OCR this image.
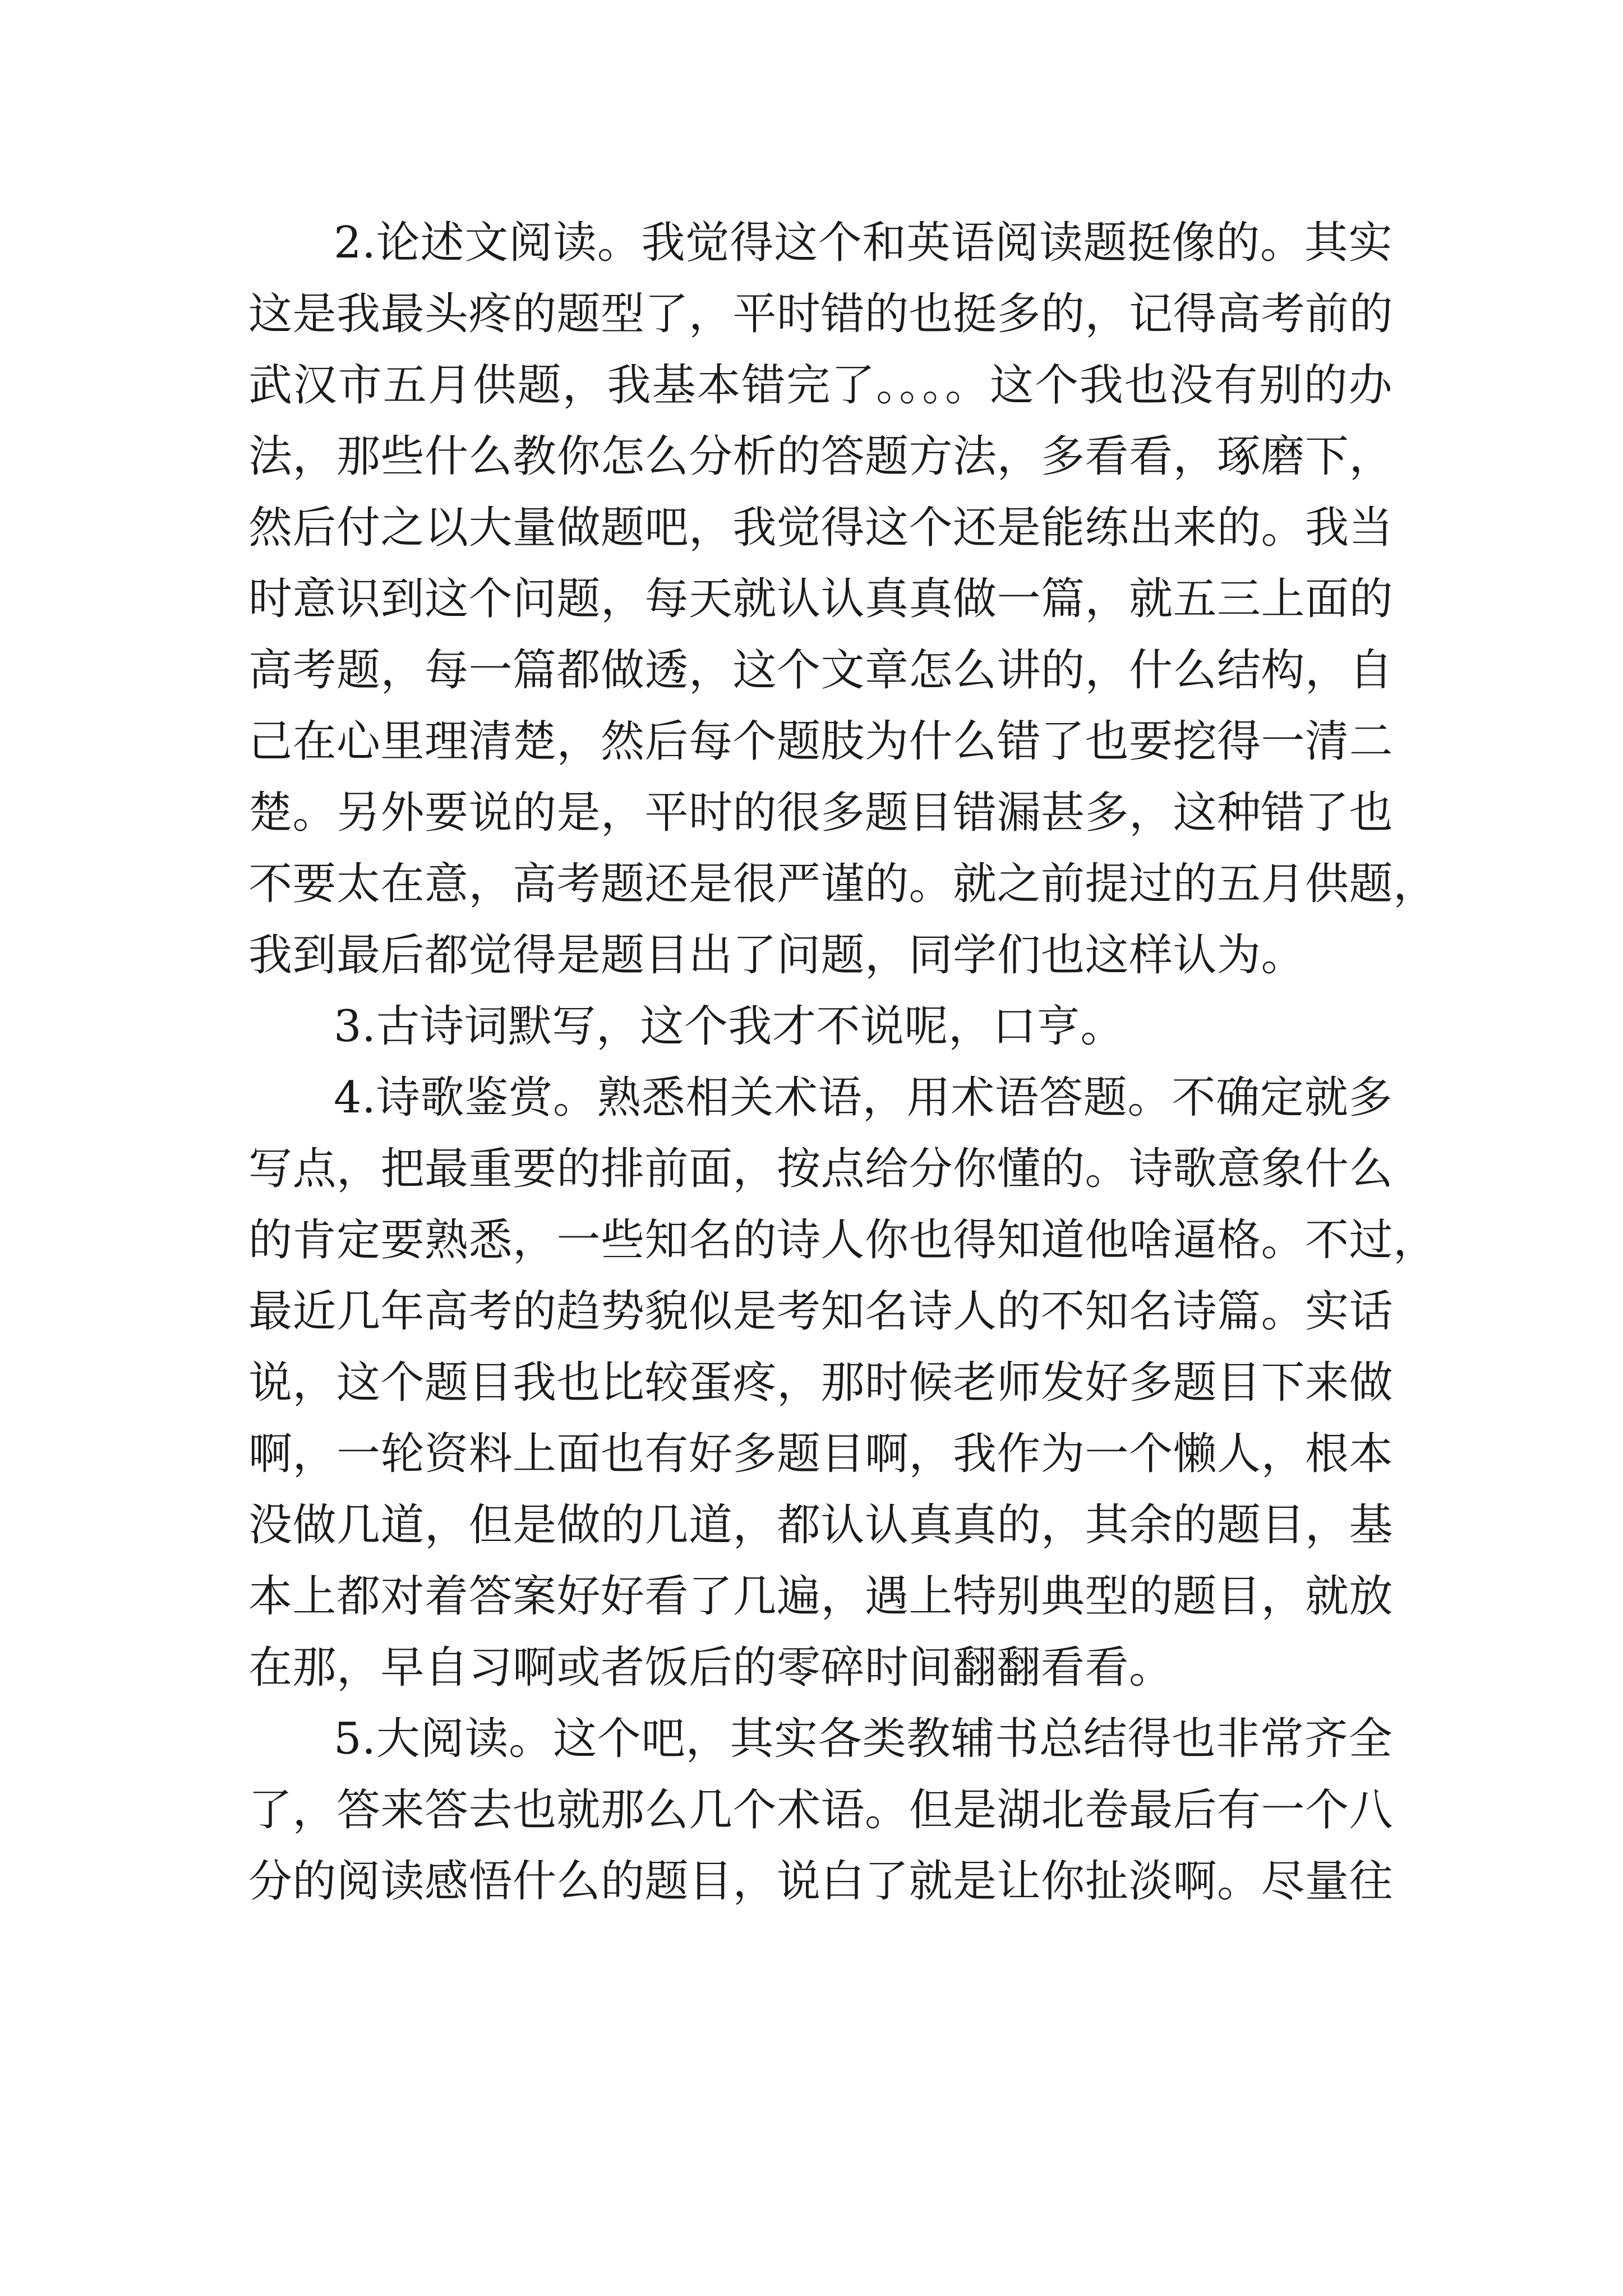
2.论述文阅读。我觉得这个和英语阅读题挺像的。其实
这是我最头疼的题型了，平时错的也挺多的，记得高考前的
武汉市五月供题，我基本错完了。。。。这个我也没有别的办
法，那些什么教你怎么分析的答题方法，多看看，琢磨下，
然后付之以大量做题吧，我觉得这个还是能练出来的。我当
时意识到这个问题，每天就认认真真做一篇，就五三上面的
高考题，每一篇都做透，这个文章怎么讲的，什么结构，自
己在心里理清楚，然后每个题肢为什么错了也要挖得一清二
楚。另外要说的是，平时的很多题目错漏甚多，这种错了也
不要太在意，高考题还是很严谨的。就之前提过的五月供题，
我到最后都觉得是题目出了问题，同学们也这样认为。
3.古诗词默写，这个我才不说呢，口亨。
4.诗歌鉴赏。熟悉相关术语，用术语答题。不确定就多
写点，把最重要的排前面，按点给分你懂的。诗歌意象什么
的肯定要熟悉，一些知名的诗人你也得知道他啥逼格。不过，
最近几年高考的趋势貌似是考知名诗人的不知名诗篇。实话
说，这个题目我也比较蛋疼，那时候老师发好多题目下来做
啊，一轮资料上面也有好多题目啊，我作为一个懒人，根本
没做几道，但是做的几道，都认认真真的，其余的题目，基
本上都对着答案好好看了几遍，遇上特别典型的题目，就放
在那，早自习啊或者饭后的零碎时间翻翻看看。
5.大阅读。这个吧，其实各类教辅书总结得也非常齐全
了，答来答去也就那么几个术语。但是湖北卷最后有一个八
分的阅读感悟什么的题目，说白了就是让你扯淡啊。尽量往
